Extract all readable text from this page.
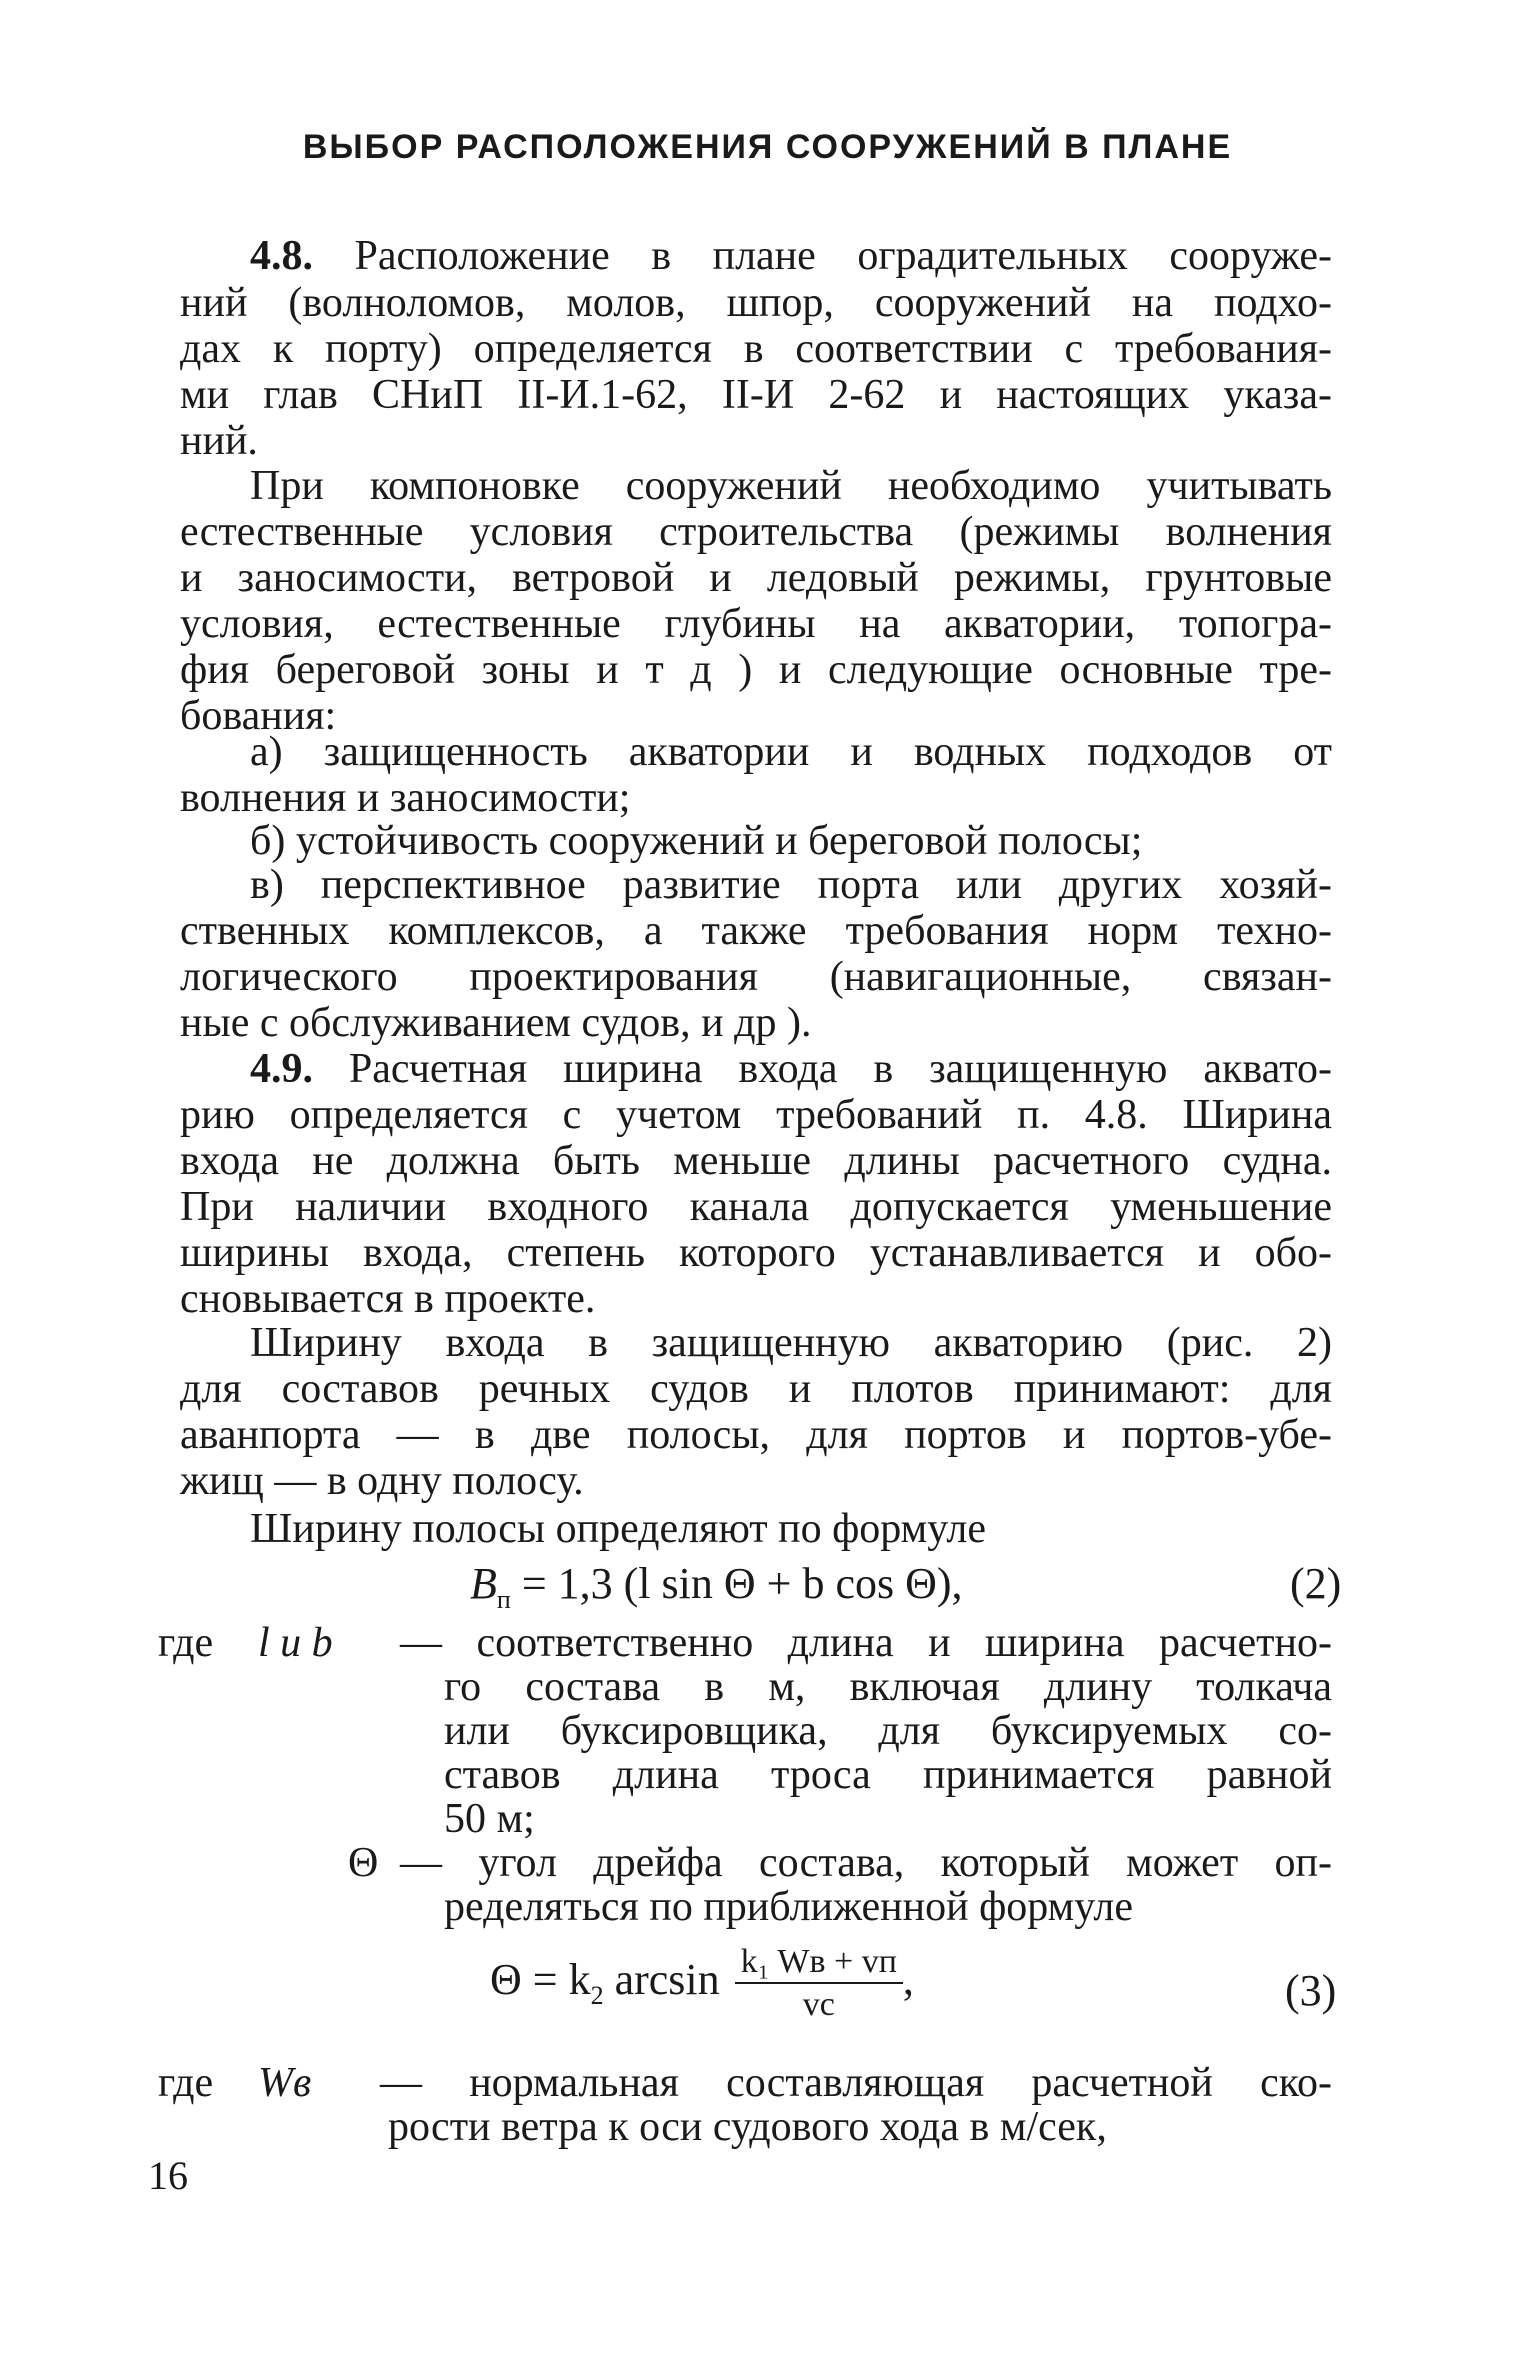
ВЫБОР РАСПОЛОЖЕНИЯ СООРУЖЕНИЙ В ПЛАНЕ
4.8. Расположение в плане оградительных сооруже-
ний (волноломов, молов, шпор, сооружений на подхо-
дах к порту) определяется в соответствии с требования-
ми глав СНиП II-И.1-62, II-И 2-62 и настоящих указа-
ний.
При компоновке сооружений необходимо учитывать
естественные условия строительства (режимы волнения
и заносимости, ветровой и ледовый режимы, грунтовые
условия, естественные глубины на акватории, топогра-
фия береговой зоны и т д ) и следующие основные тре-
бования:
а) защищенность акватории и водных подходов от
волнения и заносимости;
б) устойчивость сооружений и береговой полосы;
в) перспективное развитие порта или других хозяй-
ственных комплексов, а также требования норм техно-
логического проектирования (навигационные, связан-
ные с обслуживанием судов, и др ).
4.9. Расчетная ширина входа в защищенную аквато-
рию определяется с учетом требований п. 4.8. Ширина
входа не должна быть меньше длины расчетного судна.
При наличии входного канала допускается уменьшение
ширины входа, степень которого устанавливается и обо-
сновывается в проекте.
Ширину входа в защищенную акваторию (рис. 2)
для составов речных судов и плотов принимают: для
аванпорта — в две полосы, для портов и портов-убе-
жищ — в одну полосу.
Ширину полосы определяют по формуле
$B_п = 1,3$ (l sin Θ + b cos Θ),	(2)
где l и b — соответственно длина и ширина расчетно-
го состава в м, включая длину толкача
или буксировщика, для буксируемых со-
ставов длина троса принимается равной
50 м;
Θ — угол дрейфа состава, который может оп-
ределяться по приближенной формуле
$\Theta = k_2$ $\arcsin \frac{\text{k₁ Wв + vп}}{vс}$ ,	(3)
где Wв — нормальная составляющая расчетной ско-
рости ветра к оси судового хода в м/сек,
16
